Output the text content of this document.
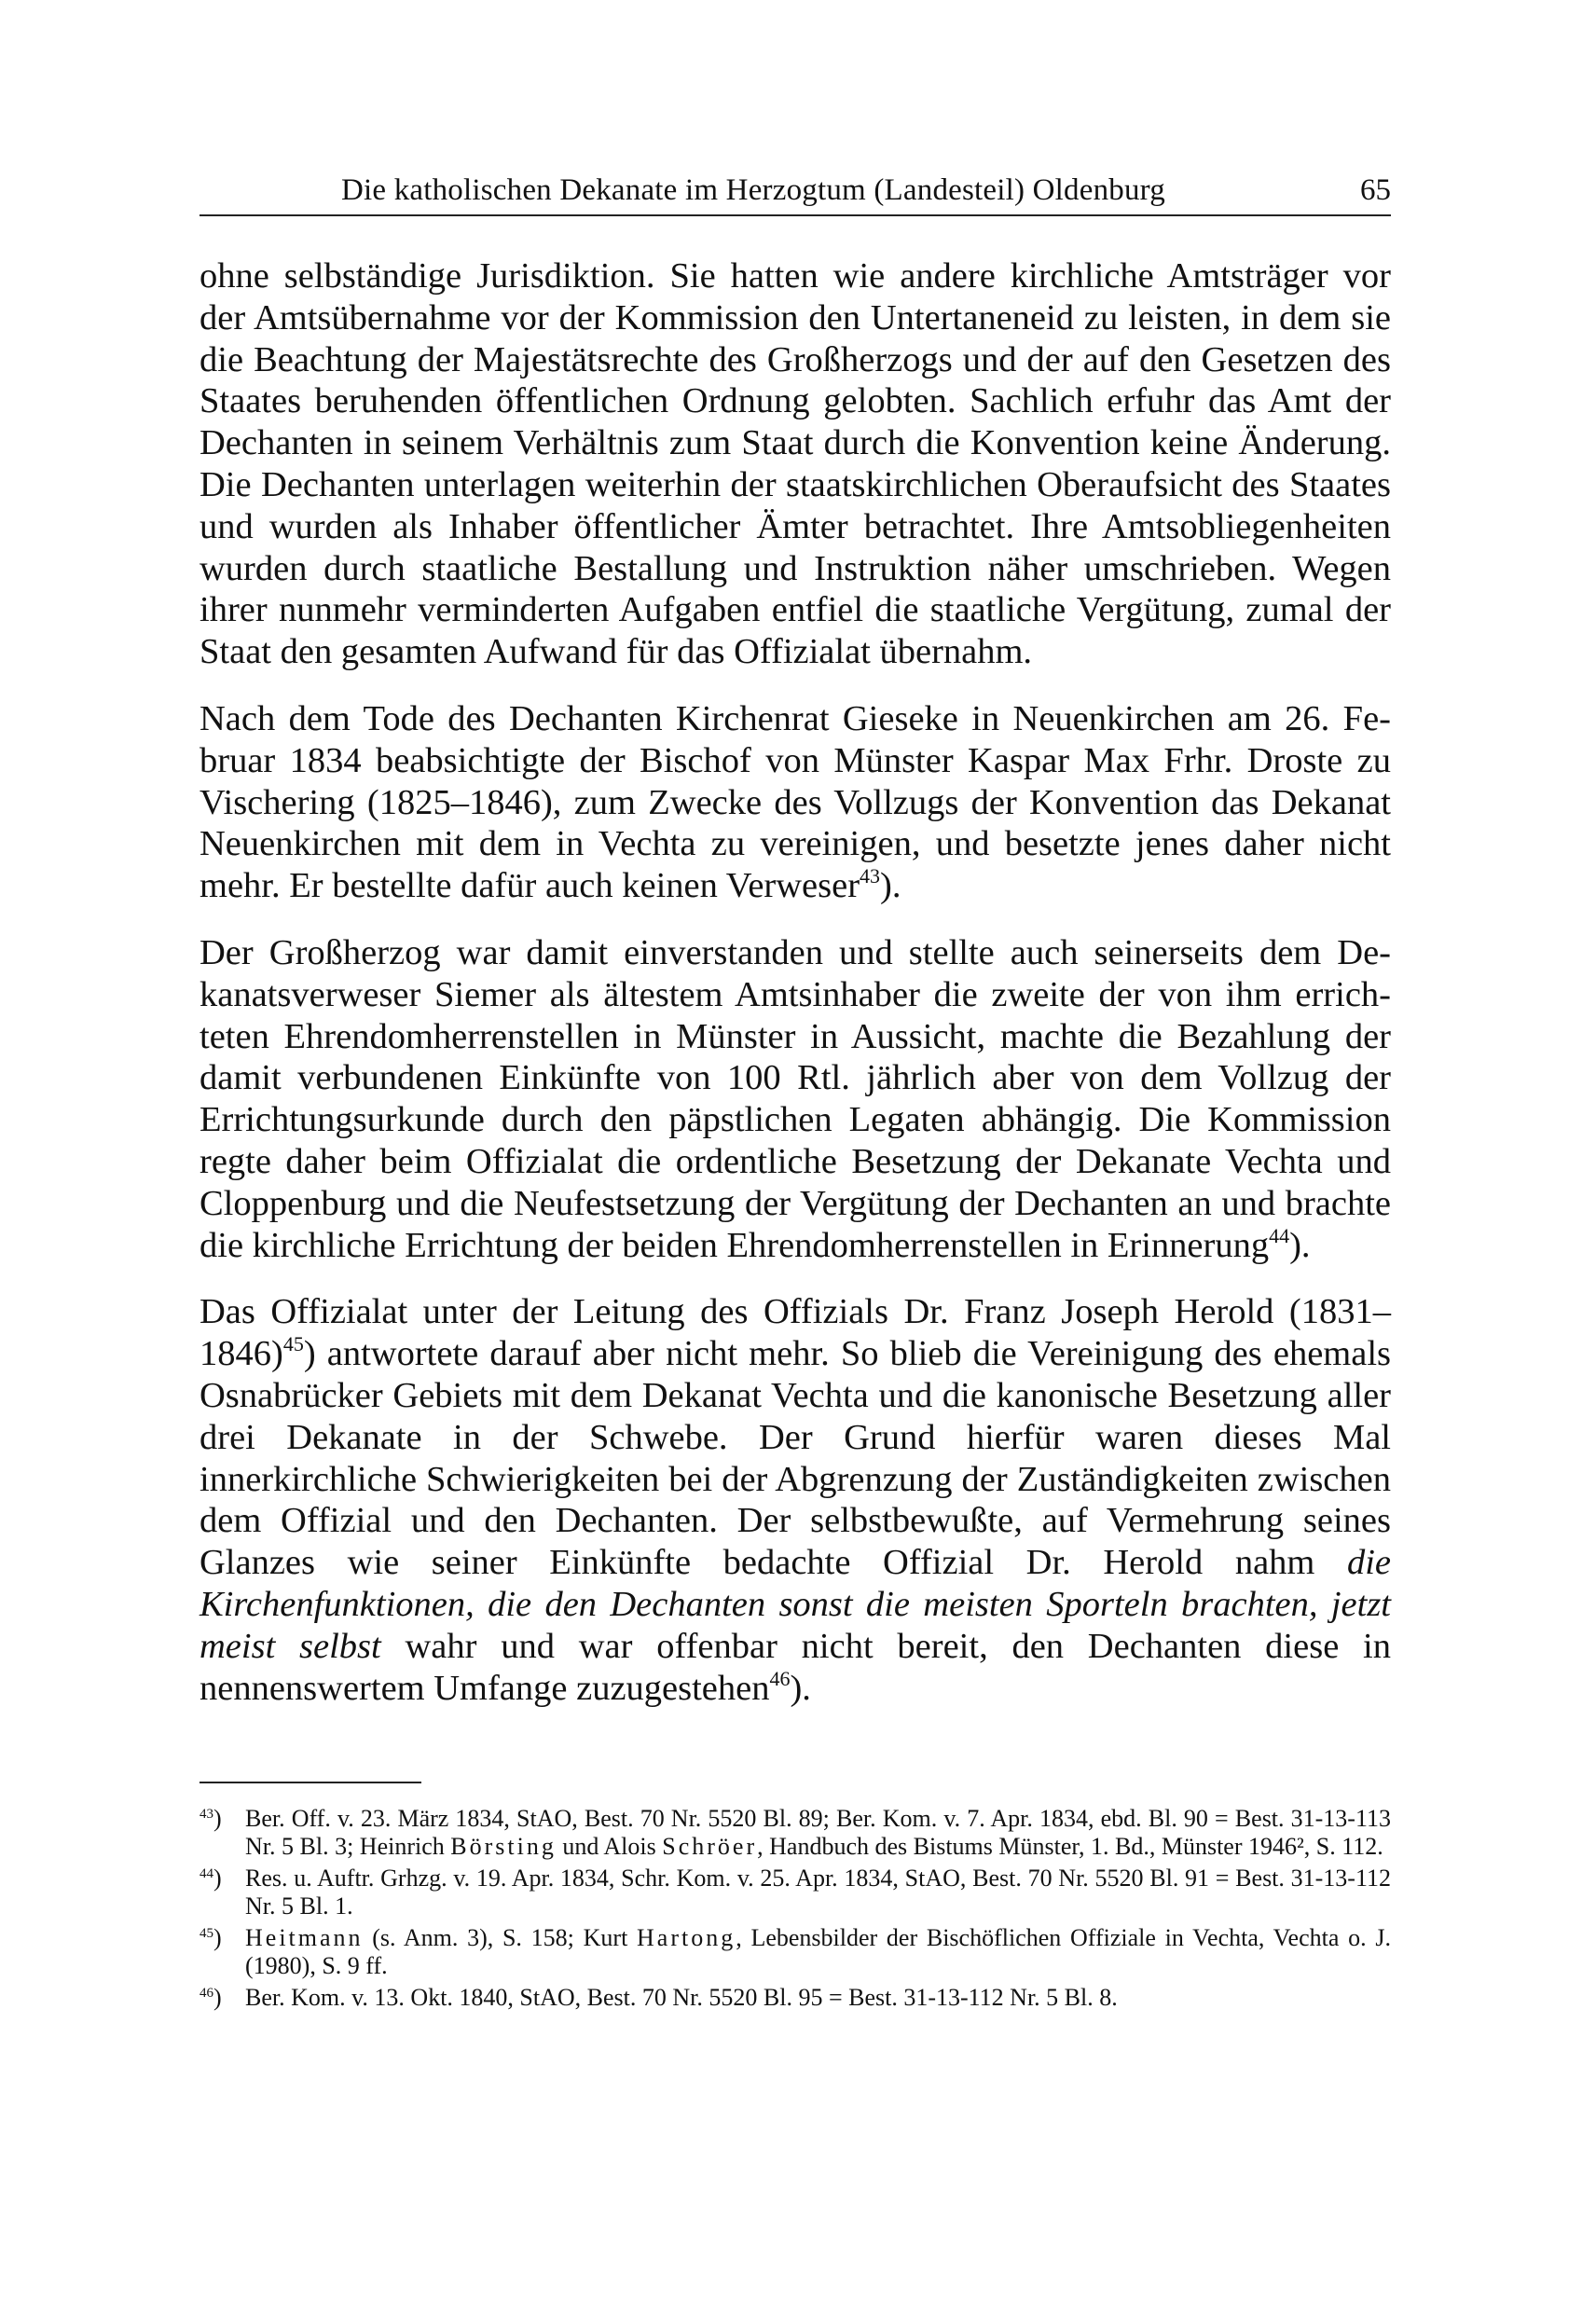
Die katholischen Dekanate im Herzogtum (Landesteil) Oldenburg	65

ohne selbständige Jurisdiktion. Sie hatten wie andere kirchliche Amtsträger vor der Amtsübernahme vor der Kommission den Untertaneneid zu leisten, in dem sie die Beachtung der Majestätsrechte des Großherzogs und der auf den Gesetzen des Staates beruhenden öffentlichen Ordnung gelobten. Sachlich erfuhr das Amt der Dechanten in seinem Verhältnis zum Staat durch die Konvention keine Änderung. Die Dechanten unterlagen weiterhin der staatskirchlichen Oberaufsicht des Staates und wurden als Inhaber öffentlicher Ämter betrachtet. Ihre Amtsobliegenheiten wurden durch staatliche Bestallung und Instruktion näher umschrieben. Wegen ihrer nunmehr verminderten Aufgaben entfiel die staatliche Vergütung, zumal der Staat den gesamten Aufwand für das Offizialat übernahm.

Nach dem Tode des Dechanten Kirchenrat Gieseke in Neuenkirchen am 26. Februar 1834 beabsichtigte der Bischof von Münster Kaspar Max Frhr. Droste zu Vischering (1825–1846), zum Zwecke des Vollzugs der Konvention das Dekanat Neuenkirchen mit dem in Vechta zu vereinigen, und besetzte jenes daher nicht mehr. Er bestellte dafür auch keinen Verweser$^{43}$).

Der Großherzog war damit einverstanden und stellte auch seinerseits dem Dekanatsverweser Siemer als ältestem Amtsinhaber die zweite der von ihm errichteten Ehrendomherrenstellen in Münster in Aussicht, machte die Bezahlung der damit verbundenen Einkünfte von 100 Rtl. jährlich aber von dem Vollzug der Errichtungsurkunde durch den päpstlichen Legaten abhängig. Die Kommission regte daher beim Offizialat die ordentliche Besetzung der Dekanate Vechta und Cloppenburg und die Neufestsetzung der Vergütung der Dechanten an und brachte die kirchliche Errichtung der beiden Ehrendomherrenstellen in Erinnerung$^{44}$).

Das Offizialat unter der Leitung des Offizials Dr. Franz Joseph Herold (1831–1846)$^{45}$) antwortete darauf aber nicht mehr. So blieb die Vereinigung des ehemals Osnabrücker Gebiets mit dem Dekanat Vechta und die kanonische Besetzung aller drei Dekanate in der Schwebe. Der Grund hierfür waren dieses Mal innerkirchliche Schwierigkeiten bei der Abgrenzung der Zuständigkeiten zwischen dem Offizial und den Dechanten. Der selbstbewußte, auf Vermehrung seines Glanzes wie seiner Einkünfte bedachte Offizial Dr. Herold nahm die Kirchenfunktionen, die den Dechanten sonst die meisten Sporteln brachten, jetzt meist selbst wahr und war offenbar nicht bereit, den Dechanten diese in nennenswertem Umfange zuzugestehen$^{46}$).

$^{43}$) Ber. Off. v. 23. März 1834, StAO, Best. 70 Nr. 5520 Bl. 89; Ber. Kom. v. 7. Apr. 1834, ebd. Bl. 90 = Best. 31-13-113 Nr. 5 Bl. 3; Heinrich Börsting und Alois Schröer, Handbuch des Bistums Münster, 1. Bd., Münster 1946², S. 112.
$^{44}$) Res. u. Auftr. Grhzg. v. 19. Apr. 1834, Schr. Kom. v. 25. Apr. 1834, StAO, Best. 70 Nr. 5520 Bl. 91 = Best. 31-13-112 Nr. 5 Bl. 1.
$^{45}$) Heitmann (s. Anm. 3), S. 158; Kurt Hartong, Lebensbilder der Bischöflichen Offiziale in Vechta, Vechta o. J. (1980), S. 9 ff.
$^{46}$) Ber. Kom. v. 13. Okt. 1840, StAO, Best. 70 Nr. 5520 Bl. 95 = Best. 31-13-112 Nr. 5 Bl. 8.
